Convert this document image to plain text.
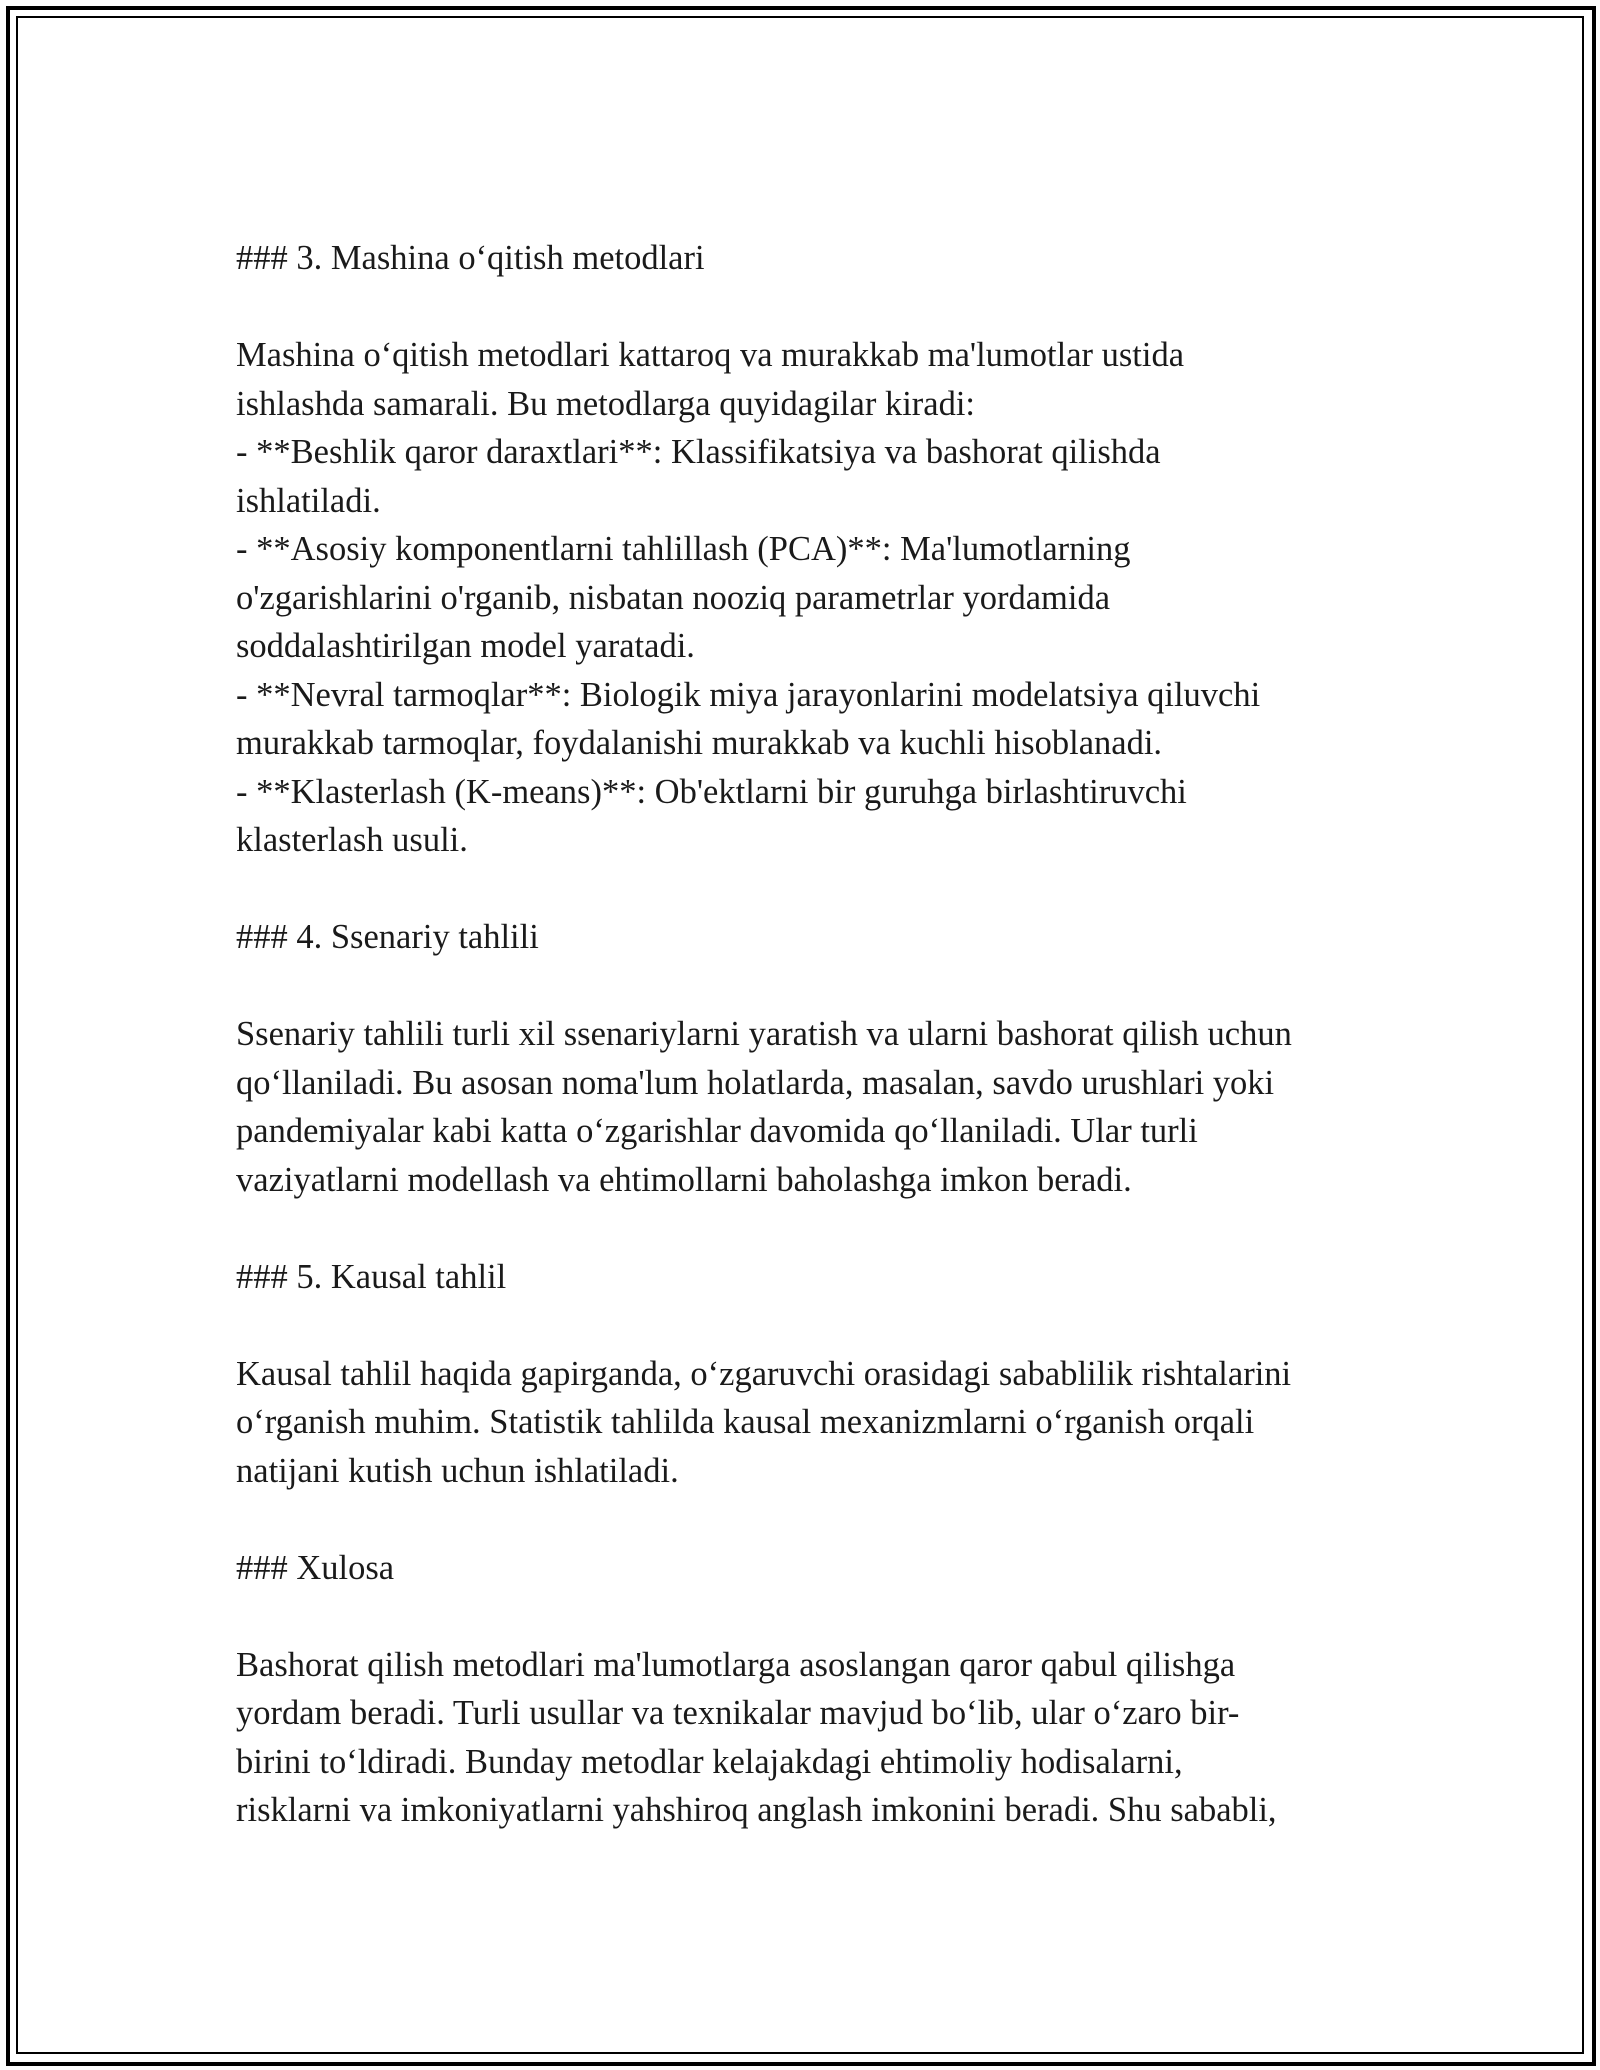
### 3. Mashina o‘qitish metodlari
Mashina o‘qitish metodlari kattaroq va murakkab ma'lumotlar ustida
ishlashda samarali. Bu metodlarga quyidagilar kiradi:
- **Beshlik qaror daraxtlari**: Klassifikatsiya va bashorat qilishda
ishlatiladi.
- **Asosiy komponentlarni tahlillash (PCA)**: Ma'lumotlarning
o'zgarishlarini o'rganib, nisbatan nooziq parametrlar yordamida
soddalashtirilgan model yaratadi.
- **Nevral tarmoqlar**: Biologik miya jarayonlarini modelatsiya qiluvchi
murakkab tarmoqlar, foydalanishi murakkab va kuchli hisoblanadi.
- **Klasterlash (K-means)**: Ob'ektlarni bir guruhga birlashtiruvchi
klasterlash usuli.
### 4. Ssenariy tahlili
Ssenariy tahlili turli xil ssenariylarni yaratish va ularni bashorat qilish uchun
qo‘llaniladi. Bu asosan noma'lum holatlarda, masalan, savdo urushlari yoki
pandemiyalar kabi katta o‘zgarishlar davomida qo‘llaniladi. Ular turli
vaziyatlarni modellash va ehtimollarni baholashga imkon beradi.
### 5. Kausal tahlil
Kausal tahlil haqida gapirganda, o‘zgaruvchi orasidagi sabablilik rishtalarini
o‘rganish muhim. Statistik tahlilda kausal mexanizmlarni o‘rganish orqali
natijani kutish uchun ishlatiladi.
### Xulosa
Bashorat qilish metodlari ma'lumotlarga asoslangan qaror qabul qilishga
yordam beradi. Turli usullar va texnikalar mavjud bo‘lib, ular o‘zaro bir-
birini to‘ldiradi. Bunday metodlar kelajakdagi ehtimoliy hodisalarni,
risklarni va imkoniyatlarni yahshiroq anglash imkonini beradi. Shu sababli,
